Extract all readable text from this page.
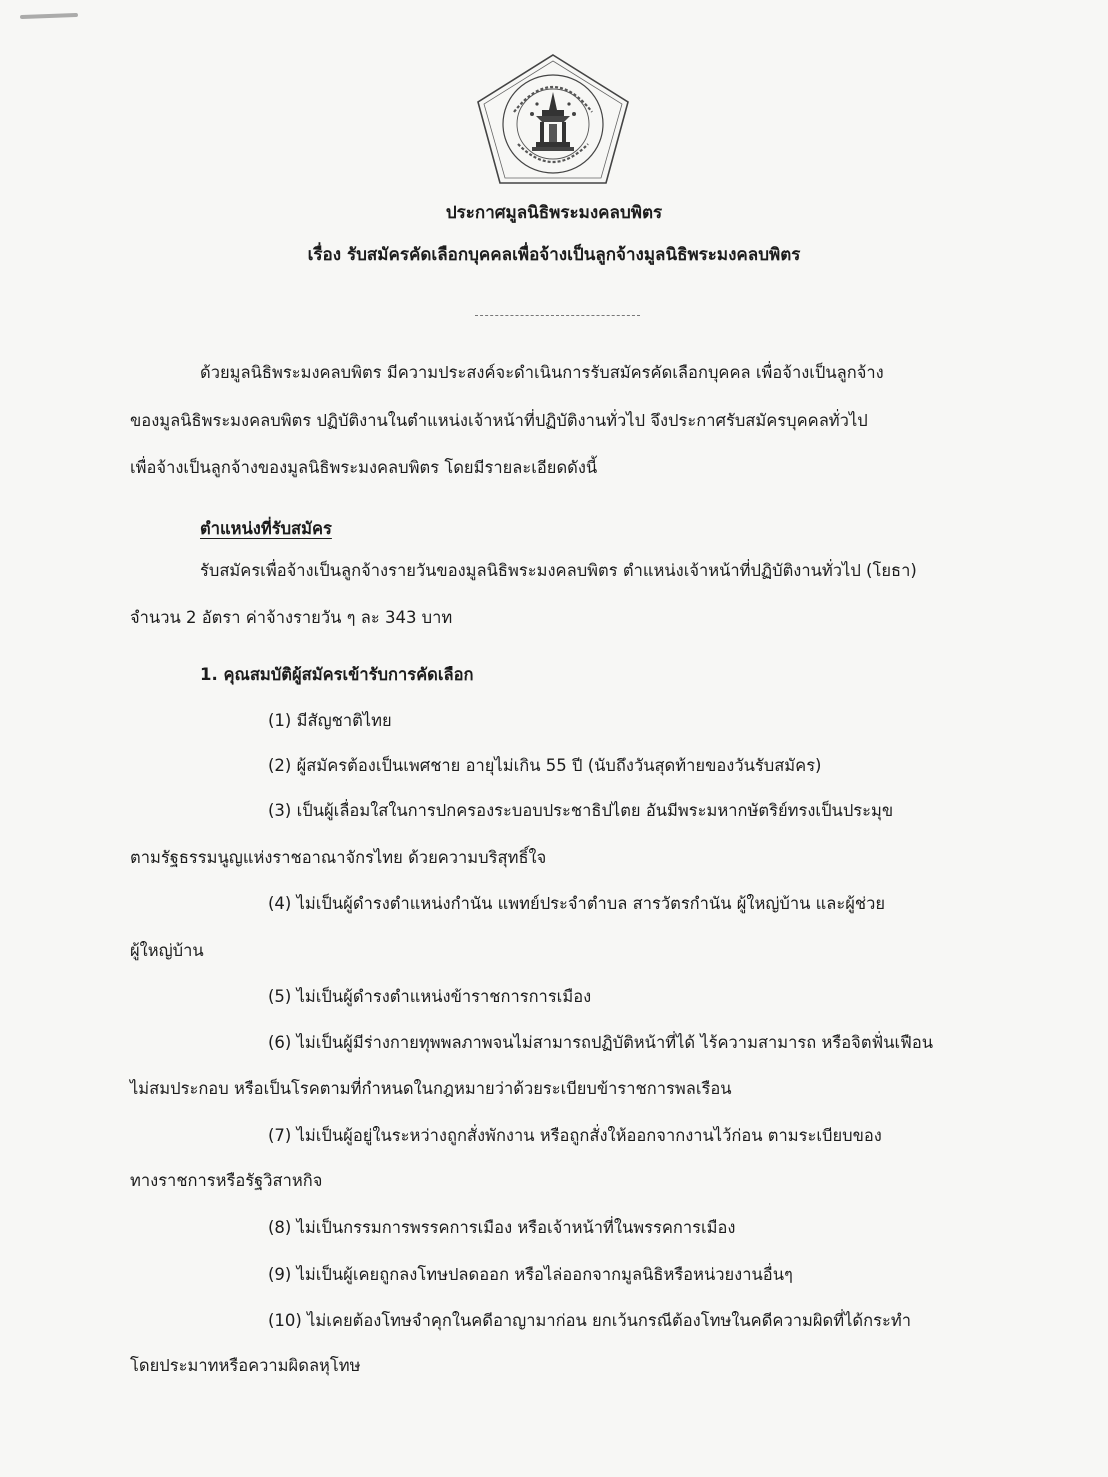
ประกาศมูลนิธิพระมงคลบพิตร
เรื่อง รับสมัครคัดเลือกบุคคลเพื่อจ้างเป็นลูกจ้างมูลนิธิพระมงคลบพิตร
ด้วยมูลนิธิพระมงคลบพิตร มีความประสงค์จะดำเนินการรับสมัครคัดเลือกบุคคล เพื่อจ้างเป็นลูกจ้าง
ของมูลนิธิพระมงคลบพิตร ปฏิบัติงานในตำแหน่งเจ้าหน้าที่ปฏิบัติงานทั่วไป จึงประกาศรับสมัครบุคคลทั่วไป
เพื่อจ้างเป็นลูกจ้างของมูลนิธิพระมงคลบพิตร โดยมีรายละเอียดดังนี้
ตำแหน่งที่รับสมัคร
รับสมัครเพื่อจ้างเป็นลูกจ้างรายวันของมูลนิธิพระมงคลบพิตร ตำแหน่งเจ้าหน้าที่ปฏิบัติงานทั่วไป (โยธา)
จำนวน 2 อัตรา ค่าจ้างรายวัน ๆ ละ 343 บาท
1. คุณสมบัติผู้สมัครเข้ารับการคัดเลือก
(1) มีสัญชาติไทย
(2) ผู้สมัครต้องเป็นเพศชาย อายุไม่เกิน 55 ปี (นับถึงวันสุดท้ายของวันรับสมัคร)
(3) เป็นผู้เลื่อมใสในการปกครองระบอบประชาธิปไตย อันมีพระมหากษัตริย์ทรงเป็นประมุข
ตามรัฐธรรมนูญแห่งราชอาณาจักรไทย ด้วยความบริสุทธิ์ใจ
(4) ไม่เป็นผู้ดำรงตำแหน่งกำนัน แพทย์ประจำตำบล สารวัตรกำนัน ผู้ใหญ่บ้าน และผู้ช่วย
ผู้ใหญ่บ้าน
(5) ไม่เป็นผู้ดำรงตำแหน่งข้าราชการการเมือง
(6) ไม่เป็นผู้มีร่างกายทุพพลภาพจนไม่สามารถปฏิบัติหน้าที่ได้ ไร้ความสามารถ หรือจิตฟั่นเฟือน
ไม่สมประกอบ หรือเป็นโรคตามที่กำหนดในกฎหมายว่าด้วยระเบียบข้าราชการพลเรือน
(7) ไม่เป็นผู้อยู่ในระหว่างถูกสั่งพักงาน หรือถูกสั่งให้ออกจากงานไว้ก่อน ตามระเบียบของ
ทางราชการหรือรัฐวิสาหกิจ
(8) ไม่เป็นกรรมการพรรคการเมือง หรือเจ้าหน้าที่ในพรรคการเมือง
(9) ไม่เป็นผู้เคยถูกลงโทษปลดออก หรือไล่ออกจากมูลนิธิหรือหน่วยงานอื่นๆ
(10) ไม่เคยต้องโทษจำคุกในคดีอาญามาก่อน ยกเว้นกรณีต้องโทษในคดีความผิดที่ได้กระทำ
โดยประมาทหรือความผิดลหุโทษ
